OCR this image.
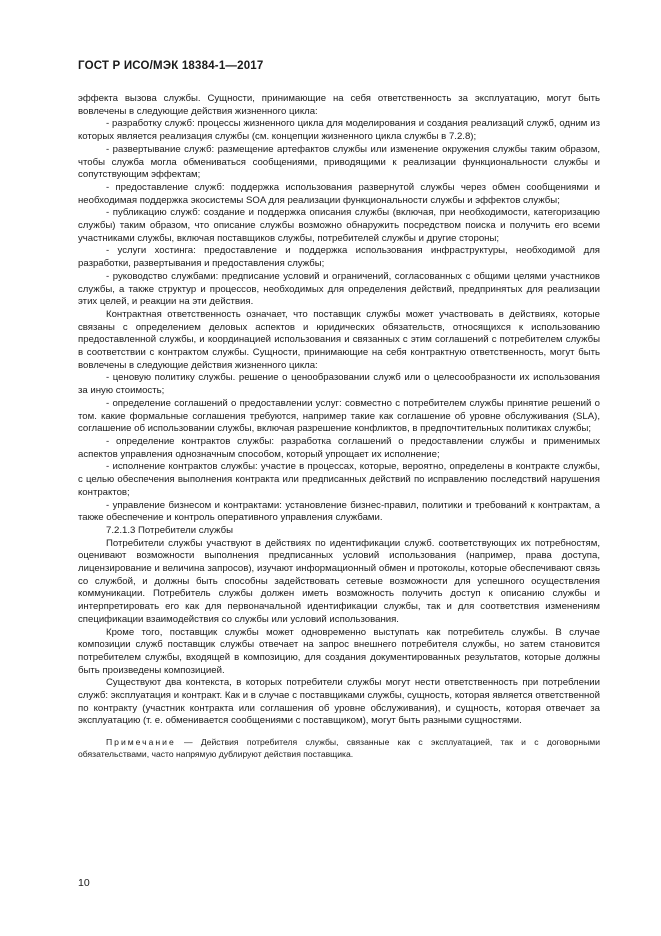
ГОСТ Р ИСО/МЭК 18384-1—2017

эффекта вызова службы. Сущности, принимающие на себя ответственность за эксплуатацию, могут быть вовлечены в следующие действия жизненного цикла:

- разработку служб: процессы жизненного цикла для моделирования и создания реализаций служб, одним из которых является реализация службы (см. концепции жизненного цикла службы в 7.2.8);

- развертывание служб: размещение артефактов службы или изменение окружения службы таким образом, чтобы служба могла обмениваться сообщениями, приводящими к реализации функциональности службы и сопутствующим эффектам;

- предоставление служб: поддержка использования развернутой службы через обмен сообщениями и необходимая поддержка экосистемы SOA для реализации функциональности службы и эффектов службы;

- публикацию служб: создание и поддержка описания службы (включая, при необходимости, категоризацию службы) таким образом, что описание службы возможно обнаружить посредством поиска и получить его всеми участниками службы, включая поставщиков службы, потребителей службы и другие стороны;

- услуги хостинга: предоставление и поддержка использования инфраструктуры, необходимой для разработки, развертывания и предоставления службы;

- руководство службами: предписание условий и ограничений, согласованных с общими целями участников службы, а также структур и процессов, необходимых для определения действий, предпринятых для реализации этих целей, и реакции на эти действия.

Контрактная ответственность означает, что поставщик службы может участвовать в действиях, которые связаны с определением деловых аспектов и юридических обязательств, относящихся к использованию предоставленной службы, и координацией использования и связанных с этим соглашений с потребителем службы в соответствии с контрактом службы. Сущности, принимающие на себя контрактную ответственность, могут быть вовлечены в следующие действия жизненного цикла:

- ценовую политику службы. решение о ценообразовании служб или о целесообразности их использования за иную стоимость;

- определение соглашений о предоставлении услуг: совместно с потребителем службы принятие решений о том. какие формальные соглашения требуются, например такие как соглашение об уровне обслуживания (SLA), соглашение об использовании службы, включая разрешение конфликтов, в предпочтительных политиках службы;

- определение контрактов службы: разработка соглашений о предоставлении службы и применимых аспектов управления однозначным способом, который упрощает их исполнение;

- исполнение контрактов службы: участие в процессах, которые, вероятно, определены в контракте службы, с целью обеспечения выполнения контракта или предписанных действий по исправлению последствий нарушения контрактов;

- управление бизнесом и контрактами: установление бизнес-правил, политики и требований к контрактам, а также обеспечение и контроль оперативного управления службами.

7.2.1.3 Потребители службы

Потребители службы участвуют в действиях по идентификации служб. соответствующих их потребностям, оценивают возможности выполнения предписанных условий использования (например, права доступа, лицензирование и величина запросов), изучают информационный обмен и протоколы, которые обеспечивают связь со службой, и должны быть способны задействовать сетевые возможности для успешного осуществления коммуникации. Потребитель службы должен иметь возможность получить доступ к описанию службы и интерпретировать его как для первоначальной идентификации службы, так и для соответствия изменениям спецификации взаимодействия со службы или условий использования.

Кроме того, поставщик службы может одновременно выступать как потребитель службы. В случае композиции служб поставщик службы отвечает на запрос внешнего потребителя службы, но затем становится потребителем службы, входящей в композицию, для создания документированных результатов, которые должны быть произведены композицией.

Существуют два контекста, в которых потребители службы могут нести ответственность при потреблении служб: эксплуатация и контракт. Как и в случае с поставщиками службы, сущность, которая является ответственной по контракту (участник контракта или соглашения об уровне обслуживания), и сущность, которая отвечает за эксплуатацию (т. е. обменивается сообщениями с поставщиком), могут быть разными сущностями.

Примечание — Действия потребителя службы, связанные как с эксплуатацией, так и с договорными обязательствами, часто напрямую дублируют действия поставщика.

10
